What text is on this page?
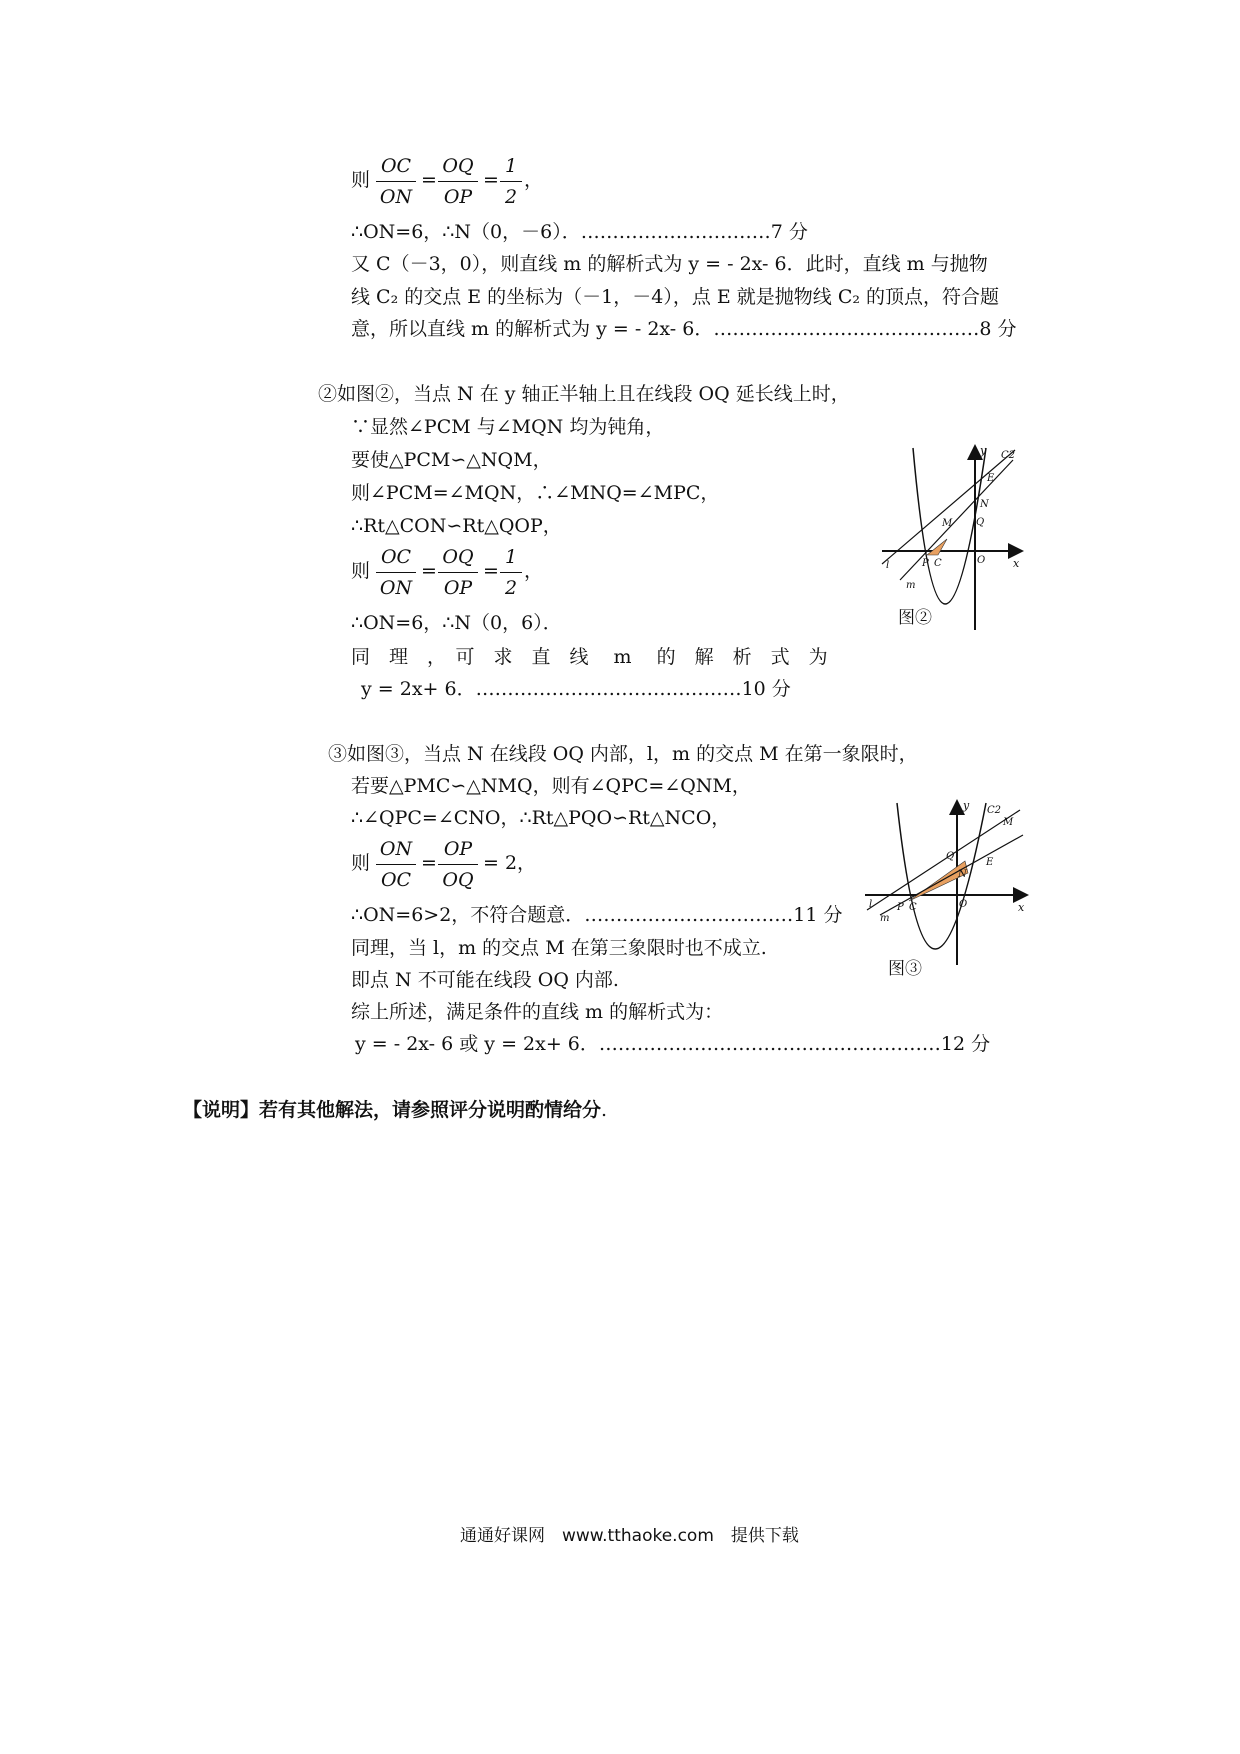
则
OC
ON
=
OQ
OP
=
1
2
，
∴ON=6，∴N（0，－6）．…………………………7 分
又 C（－3，0），则直线 m 的解析式为 y = - 2x- 6．此时，直线 m 与抛物
线 C₂ 的交点 E 的坐标为（－1，－4），点 E 就是抛物线 C₂ 的顶点，符合题
意，所以直线 m 的解析式为 y = - 2x- 6．……………………………………8 分
②如图②，当点 N 在 y 轴正半轴上且在线段 OQ 延长线上时，
∵显然∠PCM 与∠MQN 均为钝角，
要使△PCM∽△NQM，
则∠PCM=∠MQN，∴∠MNQ=∠MPC，
∴Rt△CON∽Rt△QOP，
则
OC
ON
=
OQ
OP
=
1
2
，
∴ON=6，∴N（0，6）．
同　理　，　可　求　直　线　 m 　的　解　析　式　为
y = 2x+ 6．……………………………………10 分
y
x
C2
E
N
Q
M
O
P C
l
m
图②
③如图③，当点 N 在线段 OQ 内部，l，m 的交点 M 在第一象限时，
若要△PMC∽△NMQ，则有∠QPC=∠QNM，
∴∠QPC=∠CNO，∴Rt△PQO∽Rt△NCO，
则
ON
OC
=
OP
OQ
= 2，
∴ON=6>2，不符合题意．……………………………11 分
同理，当 l，m 的交点 M 在第三象限时也不成立.
即点 N 不可能在线段 OQ 内部.
综上所述，满足条件的直线 m 的解析式为：
y = - 2x- 6 或 y = 2x+ 6．………………………………………………12 分
y
x
C2
M
E
Q
N
O
P C
l
m
图③
【说明】若有其他解法，请参照评分说明酌情给分.
通通好课网　www.tthaoke.com　提供下载
